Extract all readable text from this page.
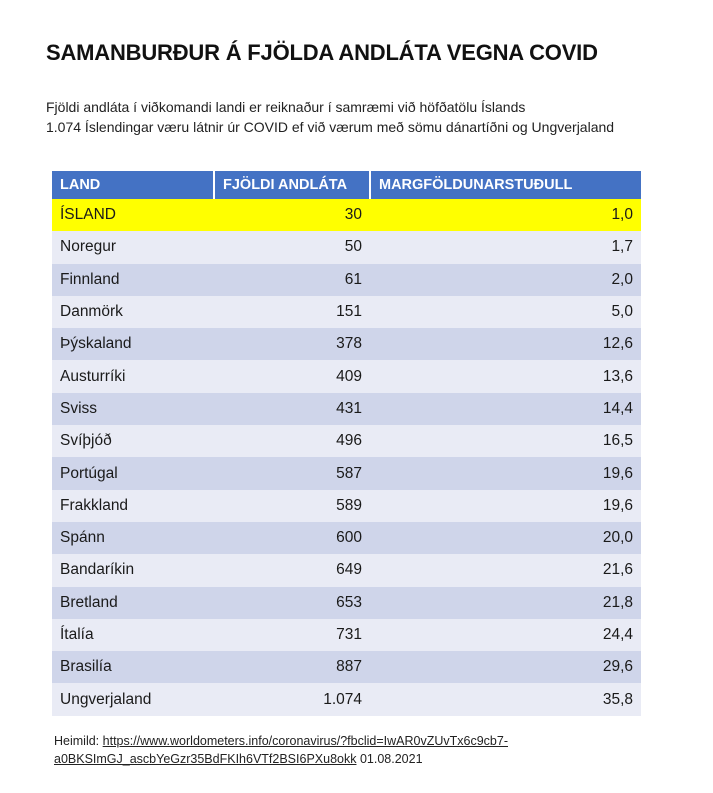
SAMANBURÐUR Á FJÖLDA ANDLÁTA VEGNA COVID
Fjöldi andláta í viðkomandi landi er reiknaður í samræmi við höfðatölu Íslands
1.074 Íslendingar væru látnir úr COVID ef við værum með sömu dánartíðni og Ungverjaland
LAND	FJÖLDI ANDLÁTA	MARGFÖLDUNARSTUÐULL
ÍSLAND	30	1,0
Noregur	50	1,7
Finnland	61	2,0
Danmörk	151	5,0
Þýskaland	378	12,6
Austurríki	409	13,6
Sviss	431	14,4
Svíþjóð	496	16,5
Portúgal	587	19,6
Frakkland	589	19,6
Spánn	600	20,0
Bandaríkin	649	21,6
Bretland	653	21,8
Ítalía	731	24,4
Brasilía	887	29,6
Ungverjaland	1.074	35,8
Heimild: https://www.worldometers.info/coronavirus/?fbclid=IwAR0vZUvTx6c9cb7-
a0BKSImGJ_ascbYeGzr35BdFKIh6VTf2BSI6PXu8okk 01.08.2021
